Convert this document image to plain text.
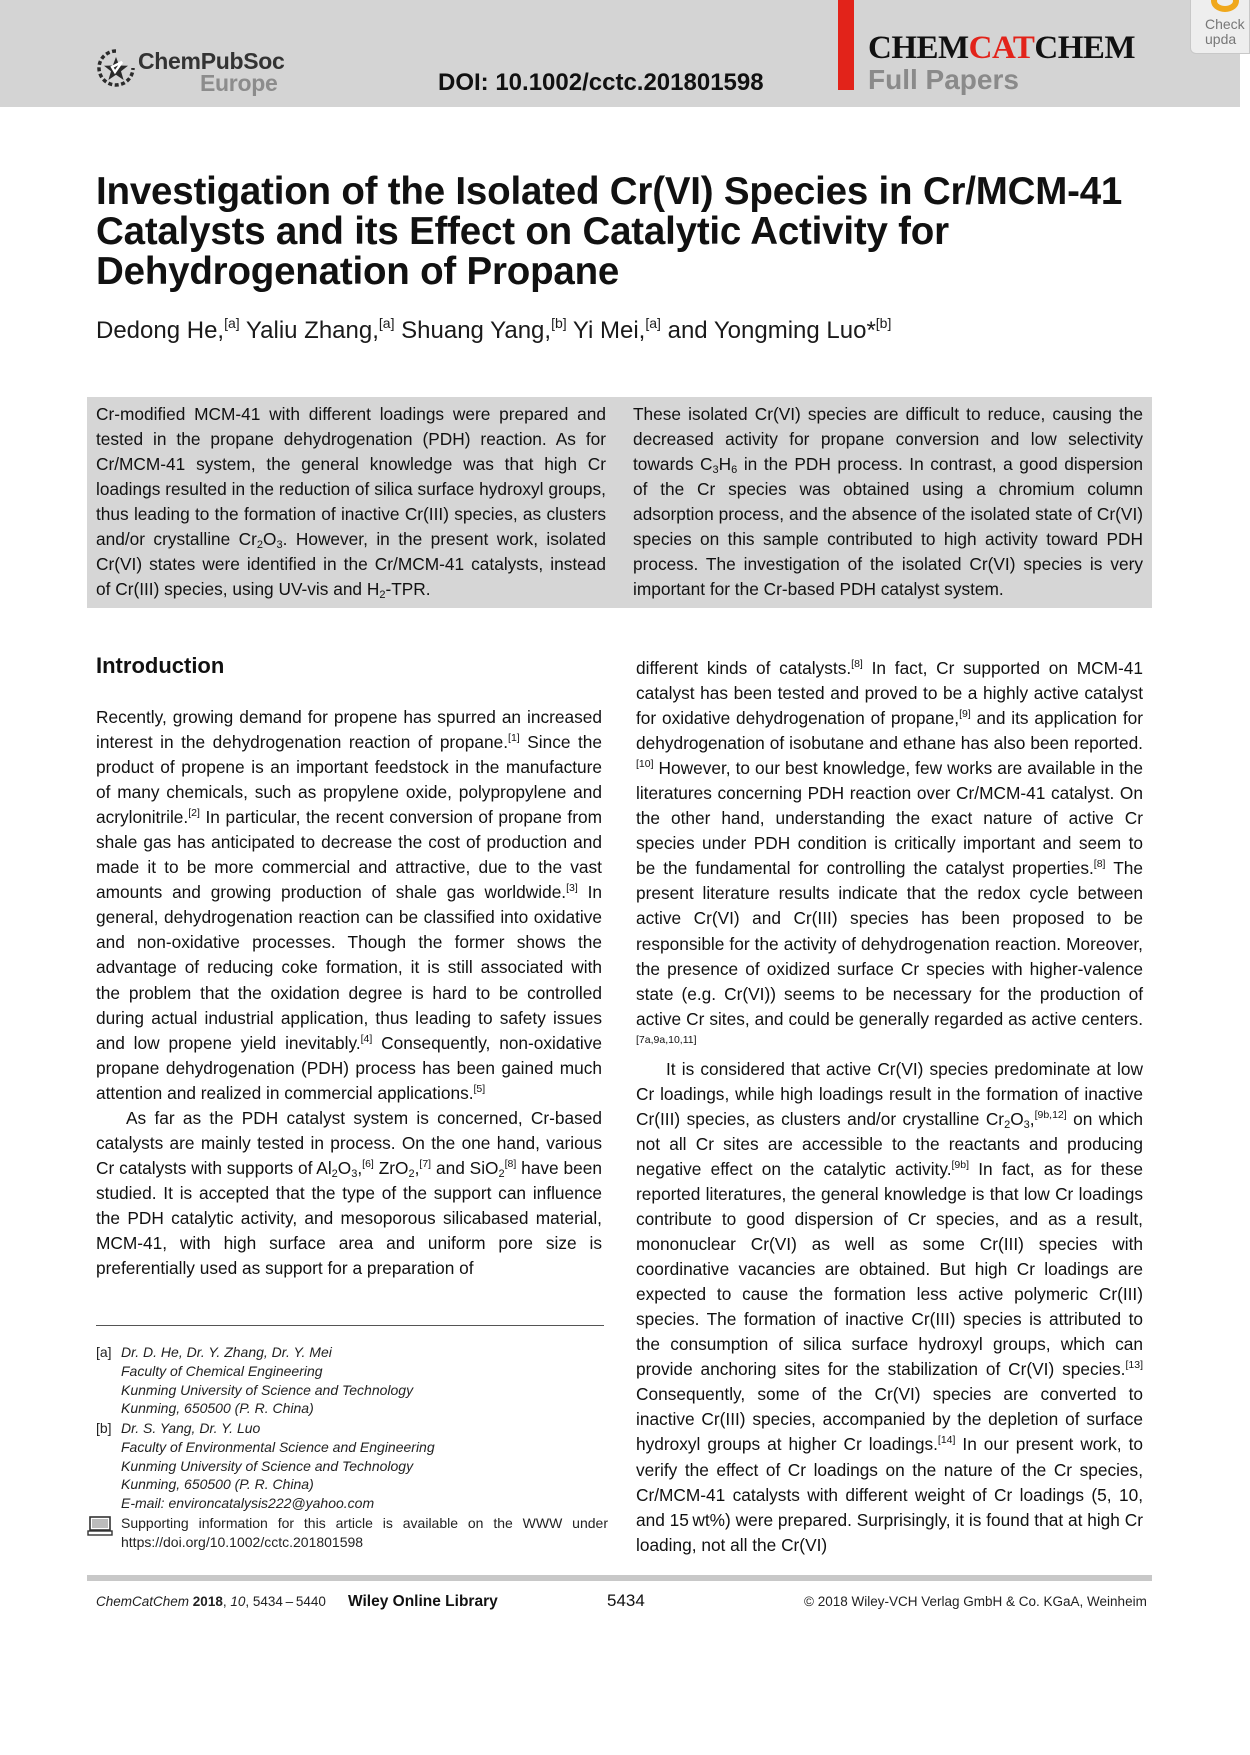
ChemPubSoc
Europe	DOI: 10.1002/cctc.201801598
CHEMCATCHEM
Full Papers
Check
upda
Investigation of the Isolated Cr(VI) Species in Cr/MCM-41 Catalysts and its Effect on Catalytic Activity for Dehydrogenation of Propane
Dedong He,[a] Yaliu Zhang,[a] Shuang Yang,[b] Yi Mei,[a] and Yongming Luo*[b]
Cr-modified MCM-41 with different loadings were prepared and tested in the propane dehydrogenation (PDH) reaction. As for Cr/MCM-41 system, the general knowledge was that high Cr loadings resulted in the reduction of silica surface hydroxyl groups, thus leading to the formation of inactive Cr(III) species, as clusters and/or crystalline $Cr_2O_3$. However, in the present work, isolated Cr(VI) states were identified in the Cr/MCM-41 catalysts, instead of Cr(III) species, using UV-vis and $H_2$-TPR.
These isolated Cr(VI) species are difficult to reduce, causing the decreased activity for propane conversion and low selectivity towards $C_3H_6$ in the PDH process. In contrast, a good dispersion of the Cr species was obtained using a chromium column adsorption process, and the absence of the isolated state of Cr(VI) species on this sample contributed to high activity toward PDH process. The investigation of the isolated Cr(VI) species is very important for the Cr-based PDH catalyst system.
Introduction

Recently, growing demand for propene has spurred an increased interest in the dehydrogenation reaction of propane.[1] Since the product of propene is an important feedstock in the manufacture of many chemicals, such as propylene oxide, polypropylene and acrylonitrile.[2] In particular, the recent conversion of propane from shale gas has anticipated to decrease the cost of production and made it to be more commercial and attractive, due to the vast amounts and growing production of shale gas worldwide.[3] In general, dehydrogenation reaction can be classified into oxidative and non-oxidative processes. Though the former shows the advantage of reducing coke formation, it is still associated with the problem that the oxidation degree is hard to be controlled during actual industrial application, thus leading to safety issues and low propene yield inevitably.[4] Consequently, non-oxidative propane dehydrogenation (PDH) process has been gained much attention and realized in commercial applications.[5]

As far as the PDH catalyst system is concerned, Cr-based catalysts are mainly tested in process. On the one hand, various Cr catalysts with supports of $Al_2O_3,[6]$ ZrO$_2$,[7] and SiO$_2$[8] have been studied. It is accepted that the type of the support can influence the PDH catalytic activity, and mesoporous silicabased material, MCM-41, with high surface area and uniform pore size is preferentially used as support for a preparation of

different kinds of catalysts.[8] In fact, Cr supported on MCM-41 catalyst has been tested and proved to be a highly active catalyst for oxidative dehydrogenation of propane,[9] and its application for dehydrogenation of isobutane and ethane has also been reported.[10] However, to our best knowledge, few works are available in the literatures concerning PDH reaction over Cr/MCM-41 catalyst. On the other hand, understanding the exact nature of active Cr species under PDH condition is critically important and seem to be the fundamental for controlling the catalyst properties.[8] The present literature results indicate that the redox cycle between active Cr(VI) and Cr(III) species has been proposed to be responsible for the activity of dehydrogenation reaction. Moreover, the presence of oxidized surface Cr species with higher-valence state (e.g. Cr(VI)) seems to be necessary for the production of active Cr sites, and could be generally regarded as active centers.[7a,9a,10,11]

It is considered that active Cr(VI) species predominate at low Cr loadings, while high loadings result in the formation of inactive Cr(III) species, as clusters and/or crystalline $Cr_2O_3,[9b,12]$ on which not all Cr sites are accessible to the reactants and producing negative effect on the catalytic activity.[9b] In fact, as for these reported literatures, the general knowledge is that low Cr loadings contribute to good dispersion of Cr species, and as a result, mononuclear Cr(VI) as well as some Cr(III) species with coordinative vacancies are obtained. But high Cr loadings are expected to cause the formation less active polymeric Cr(III) species. The formation of inactive Cr(III) species is attributed to the consumption of silica surface hydroxyl groups, which can provide anchoring sites for the stabilization of Cr(VI) species.[13] Consequently, some of the Cr(VI) species are converted to inactive Cr(III) species, accompanied by the depletion of surface hydroxyl groups at higher Cr loadings.[14] In our present work, to verify the effect of Cr loadings on the nature of the Cr species, Cr/MCM-41 catalysts with different weight of Cr loadings (5, 10, and 15 wt%) were prepared. Surprisingly, it is found that at high Cr loading, not all the Cr(VI)

[a] Dr. D. He, Dr. Y. Zhang, Dr. Y. Mei
Faculty of Chemical Engineering
Kunming University of Science and Technology
Kunming, 650500 (P. R. China)
[b] Dr. S. Yang, Dr. Y. Luo
Faculty of Environmental Science and Engineering
Kunming University of Science and Technology
Kunming, 650500 (P. R. China)
E-mail: environcatalysis222@yahoo.com
Supporting information for this article is available on the WWW under https://doi.org/10.1002/cctc.201801598
ChemCatChem 2018, 10, 5434 – 5440 Wiley Online Library	5434	© 2018 Wiley-VCH Verlag GmbH & Co. KGaA, Weinheim
